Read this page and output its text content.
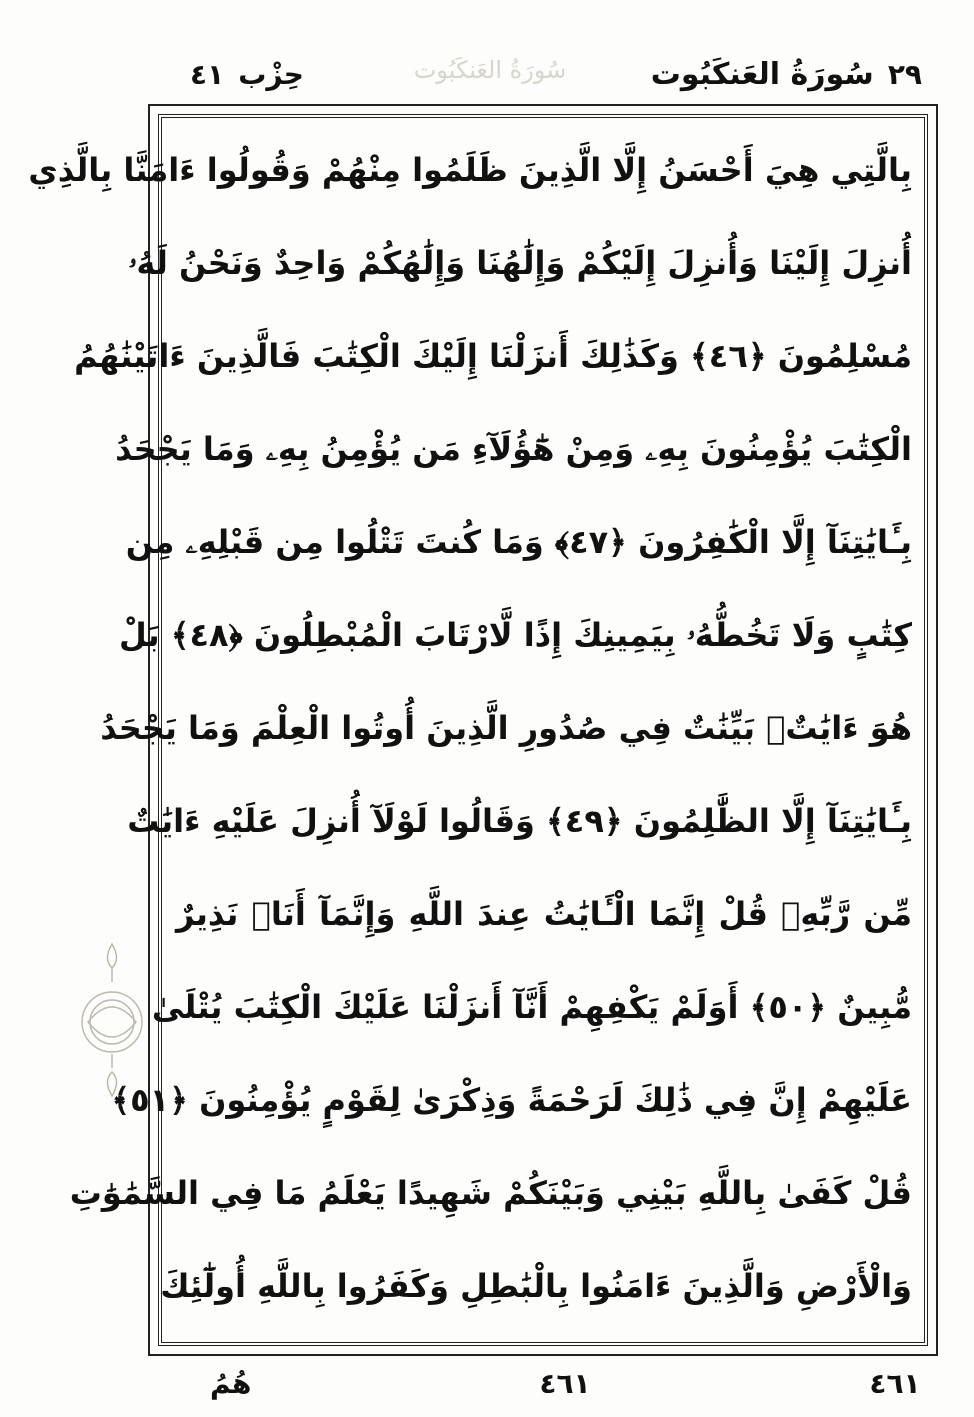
سُورَةُ العَنكَبُوت	٢٩
سُورَةُ العَنكَبُوت
حِزْب
٤١
بِالَّتِي هِيَ أَحْسَنُ إِلَّا الَّذِينَ ظَلَمُوا مِنْهُمْ وَقُولُوا ءَامَنَّا بِالَّذِي
أُنزِلَ إِلَيْنَا وَأُنزِلَ إِلَيْكُمْ وَإِلَٰهُنَا وَإِلَٰهُكُمْ وَاحِدٌ وَنَحْنُ لَهُۥ
مُسْلِمُونَ ﴿٤٦﴾ وَكَذَٰلِكَ أَنزَلْنَا إِلَيْكَ الْكِتَٰبَ فَالَّذِينَ ءَاتَيْنَٰهُمُ
الْكِتَٰبَ يُؤْمِنُونَ بِهِۦ وَمِنْ هَٰٓؤُلَآءِ مَن يُؤْمِنُ بِهِۦ وَمَا يَجْحَدُ
بِـَٔايَٰتِنَآ إِلَّا الْكَٰفِرُونَ ﴿٤٧﴾ وَمَا كُنتَ تَتْلُوا مِن قَبْلِهِۦ مِن
كِتَٰبٍ وَلَا تَخُطُّهُۥ بِيَمِينِكَ إِذًا لَّارْتَابَ الْمُبْطِلُونَ ﴿٤٨﴾ بَلْ
هُوَ ءَايَٰتٌۢ بَيِّنَٰتٌ فِي صُدُورِ الَّذِينَ أُوتُوا الْعِلْمَ وَمَا يَجْحَدُ
بِـَٔايَٰتِنَآ إِلَّا الظَّٰلِمُونَ ﴿٤٩﴾ وَقَالُوا لَوْلَآ أُنزِلَ عَلَيْهِ ءَايَٰتٌ
مِّن رَّبِّهِۦ قُلْ إِنَّمَا الْـَٔايَٰتُ عِندَ اللَّهِ وَإِنَّمَآ أَنَا۠ نَذِيرٌ
مُّبِينٌ ﴿٥٠﴾ أَوَلَمْ يَكْفِهِمْ أَنَّآ أَنزَلْنَا عَلَيْكَ الْكِتَٰبَ يُتْلَىٰ
عَلَيْهِمْ إِنَّ فِي ذَٰلِكَ لَرَحْمَةً وَذِكْرَىٰ لِقَوْمٍ يُؤْمِنُونَ ﴿٥١﴾
قُلْ كَفَىٰ بِاللَّهِ بَيْنِي وَبَيْنَكُمْ شَهِيدًا يَعْلَمُ مَا فِي السَّمَٰوَٰتِ
وَالْأَرْضِ وَالَّذِينَ ءَامَنُوا بِالْبَٰطِلِ وَكَفَرُوا بِاللَّهِ أُولَٰٓئِكَ
هُمُ	٤٦١	٤٦١
